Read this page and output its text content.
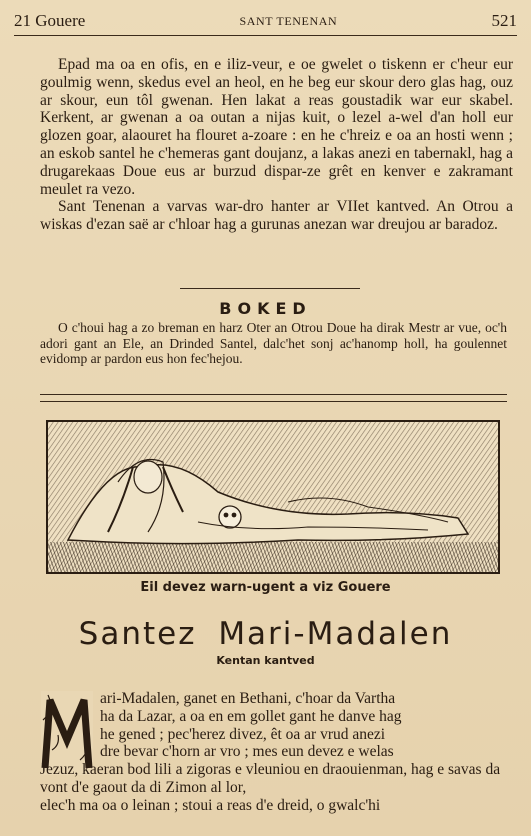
21 Gouere	SANT TENENAN	521

Epad ma oa en ofis, en e iliz-veur, e oe gwelet o tiskenn er c'heur eur goulmig wenn, skedus evel an heol, en he beg eur skour dero glas hag, ouz ar skour, eun tôl gwenan. Hen lakat a reas goustadik war eur skabel. Kerkent, ar gwenan a oa outan a nijas kuit, o lezel a-wel d'an holl eur glozen goar, alaouret ha flouret a-zoare : en he c'hreiz e oa an hosti wenn ; an eskob santel he c'hemeras gant doujanz, a lakas anezi en tabernakl, hag a drugarekaas Doue eus ar burzud dispar-ze grêt en kenver e zakramant meulet ra vezo.

Sant Tenenan a varvas war-dro hanter ar VIIet kantved. An Otrou a wiskas d'ezan saë ar c'hloar hag a gurunas anezan war dreujou ar baradoz.

BOKED

O c'houi hag a zo breman en harz Oter an Otrou Doue ha dirak Mestr ar vue, oc'h adori gant an Ele, an Drinded Santel, dalc'het sonj ac'hanomp holl, ha goulennet evidomp ar pardon eus hon fec'hejou.

Eil devez warn-ugent a viz Gouere
Santez Mari-Madalen
Kentan kantved
ari-Madalen, ganet en Bethani, c'hoar da Vartha
ha da Lazar, a oa en em gollet gant he danve hag
he gened ; pec'herez divez, êt oa ar vrud anezi
dre bevar c'horn ar vro ; mes eun devez e welas
Jezuz, kaeran bod lili a zigoras e vleuniou en draouienman, hag e savas da vont d'e gaout da di Zimon al lor,
elec'h ma oa o leinan ; stoui a reas d'e dreid, o gwalc'hi
